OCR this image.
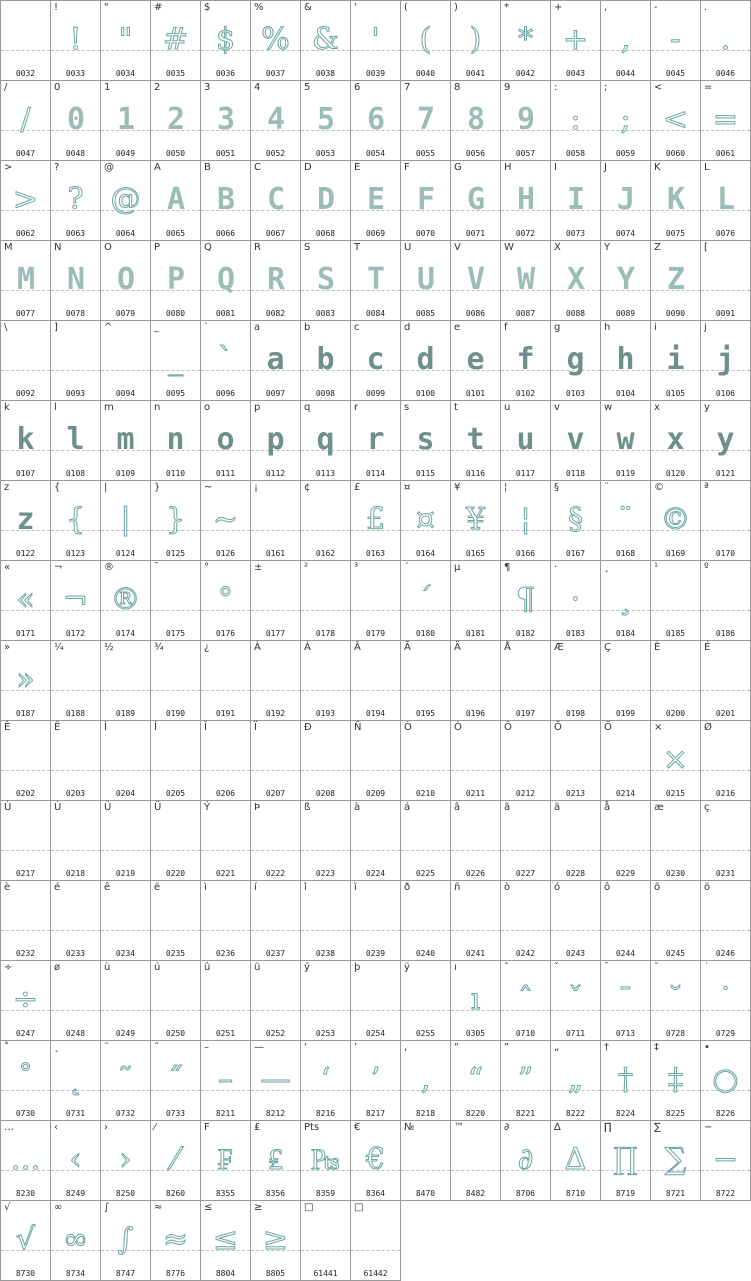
0032
!
!
0033
"
"
0034
#
#
0035
$
$
0036
%
%
0037
&
&
0038
'
'
0039
(
(
0040
)
)
0041
*
*
0042
+
+
0043
,
,
0044
-
-
0045
.
.
0046
/
/
0047
0
0
0048
1
1
0049
2
2
0050
3
3
0051
4
4
0052
5
5
0053
6
6
0054
7
7
0055
8
8
0056
9
9
0057
:
:
0058
;
;
0059
<
<
0060
=
=
0061
>
>
0062
?
?
0063
@
@
0064
A
A
0065
B
B
0066
C
C
0067
D
D
0068
E
E
0069
F
F
0070
G
G
0071
H
H
0072
I
I
0073
J
J
0074
K
K
0075
L
L
0076
M
M
0077
N
N
0078
O
O
0079
P
P
0080
Q
Q
0081
R
R
0082
S
S
0083
T
T
0084
U
U
0085
V
V
0086
W
W
0087
X
X
0088
Y
Y
0089
Z
Z
0090
[
0091
\
0092
]
0093
^
0094
_
_
0095
`
`
0096
a
a
0097
b
b
0098
c
c
0099
d
d
0100
e
e
0101
f
f
0102
g
g
0103
h
h
0104
i
i
0105
j
j
0106
k
k
0107
l
l
0108
m
m
0109
n
n
0110
o
o
0111
p
p
0112
q
q
0113
r
r
0114
s
s
0115
t
t
0116
u
u
0117
v
v
0118
w
w
0119
x
x
0120
y
y
0121
z
z
0122
{
{
0123
|
|
0124
}
}
0125
~
~
0126
¡
0161
¢
0162
£
£
0163
¤
¤
0164
¥
¥
0165
¦
¦
0166
§
§
0167
¨
¨
0168
©
©
0169
ª
0170
«
«
0171
¬
¬
0172
®
®
0174
¯
0175
°
°
0176
±
0177
²
0178
³
0179
´
´
0180
µ
0181
¶
¶
0182
·
·
0183
¸
¸
0184
¹
0185
º
0186
»
»
0187
¼
0188
½
0189
¾
0190
¿
0191
À
0192
Á
0193
Â
0194
Ã
0195
Ä
0196
Å
0197
Æ
0198
Ç
0199
È
0200
É
0201
Ê
0202
Ë
0203
Ì
0204
Í
0205
Î
0206
Ï
0207
Ð
0208
Ñ
0209
Ò
0210
Ó
0211
Ô
0212
Õ
0213
Ö
0214
×
×
0215
Ø
0216
Ù
0217
Ú
0218
Û
0219
Ü
0220
Ý
0221
Þ
0222
ß
0223
à
0224
á
0225
â
0226
ã
0227
ä
0228
å
0229
æ
0230
ç
0231
è
0232
é
0233
ê
0234
ë
0235
ì
0236
í
0237
î
0238
ï
0239
ð
0240
ñ
0241
ò
0242
ó
0243
ô
0244
õ
0245
ö
0246
÷
÷
0247
ø
0248
ù
0249
ú
0250
û
0251
ü
0252
ý
0253
þ
0254
ÿ
0255
ı
ı
0305
ˆ
ˆ
0710
ˇ
ˇ
0711
ˉ
ˉ
0713
˘
˘
0728
˙
˙
0729
˚
˚
0730
˛
˛
0731
˜
˜
0732
˝
˝
0733
–
–
8211
—
—
8212
‘
‘
8216
’
’
8217
‚
‚
8218
“
“
8220
”
”
8221
„
„
8222
†
†
8224
‡
‡
8225
•
○
8226
…
…
8230
‹
‹
8249
›
›
8250
⁄
⁄
8260
F
₣
8355
₤
₤
8356
Pts
₧
8359
€
€
8364
№
8470
™
8482
∂
∂
8706
∆
∆
8710
∏
∏
8719
∑
∑
8721
−
−
8722
√
√
8730
∞
∞
8734
∫
∫
8747
≈
≈
8776
≤
≤
8804
≥
≥
8805
□
61441
□
61442
